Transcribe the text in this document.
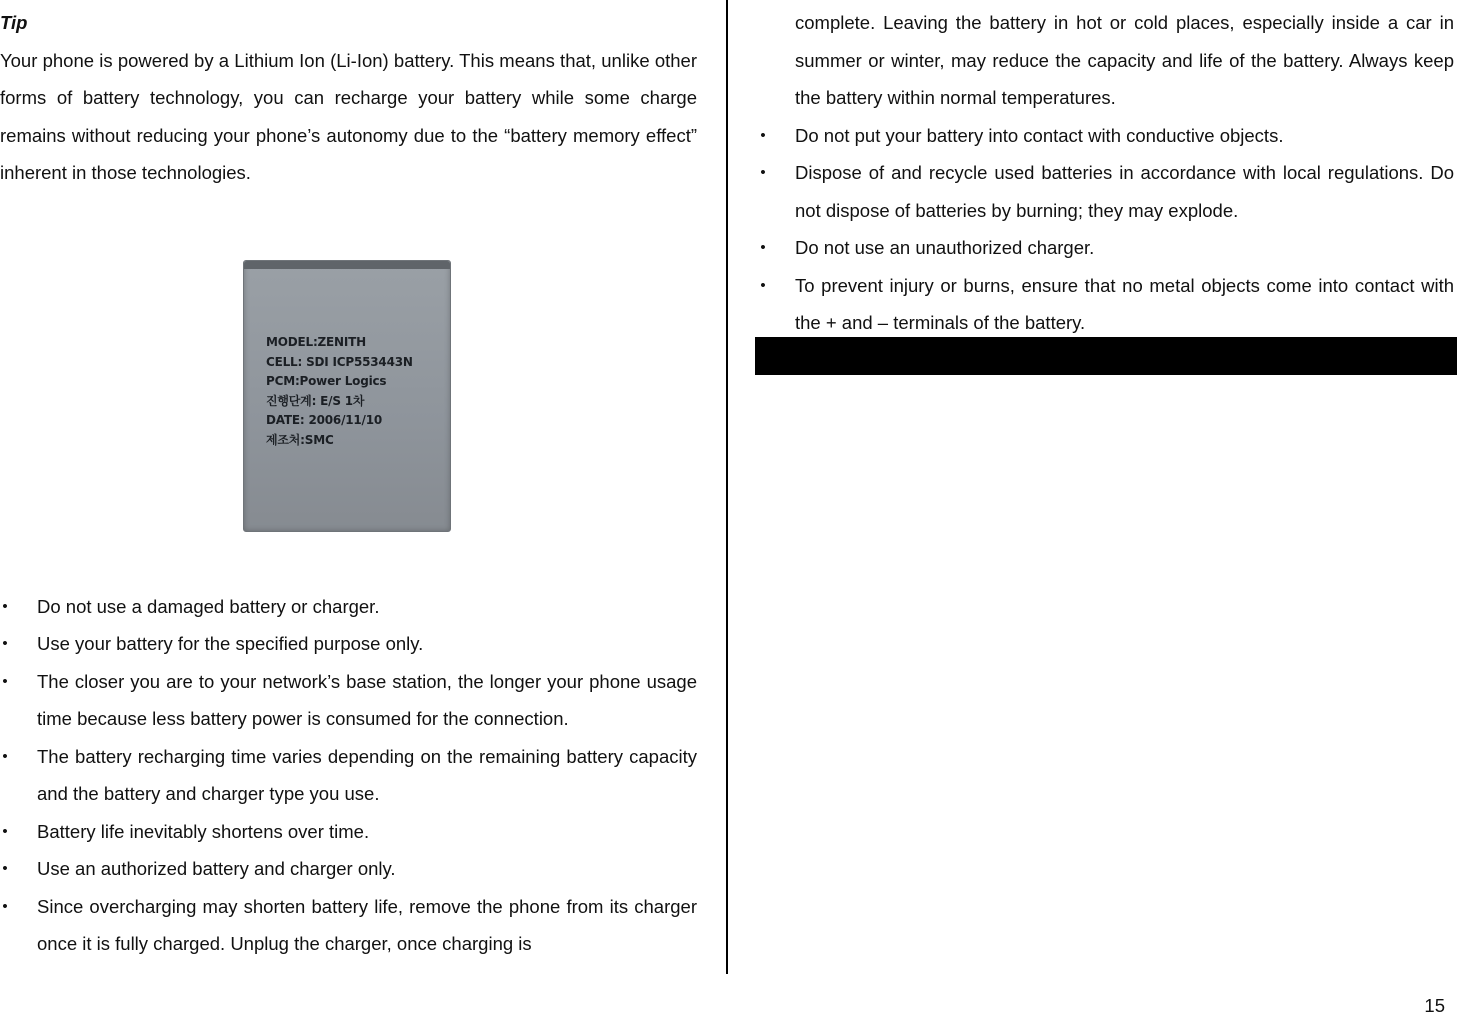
Tip
Your phone is powered by a Lithium Ion (Li-Ion) battery. This means that, unlike other forms of battery technology, you can recharge your battery while some charge remains without reducing your phone’s autonomy due to the “battery memory effect” inherent in those technologies.
• Do not use a damaged battery or charger.
• Use your battery for the specified purpose only.
• The closer you are to your network’s base station, the longer your phone usage time because less battery power is consumed for the connection.
• The battery recharging time varies depending on the remaining battery capacity and the battery and charger type you use.
• Battery life inevitably shortens over time.
• Use an authorized battery and charger only.
• Since overcharging may shorten battery life, remove the phone from its charger once it is fully charged. Unplug the charger, once charging is
MODEL:ZENITH
CELL: SDI ICP553443N
PCM:Power Logics
진행단계: E/S 1차
DATE: 2006/11/10
제조처:SMC
complete. Leaving the battery in hot or cold places, especially inside a car in summer or winter, may reduce the capacity and life of the battery. Always keep the battery within normal temperatures.
• Do not put your battery into contact with conductive objects.
• Dispose of and recycle used batteries in accordance with local regulations. Do not dispose of batteries by burning; they may explode.
• Do not use an unauthorized charger.
• To prevent injury or burns, ensure that no metal objects come into contact with the + and – terminals of the battery.
15
